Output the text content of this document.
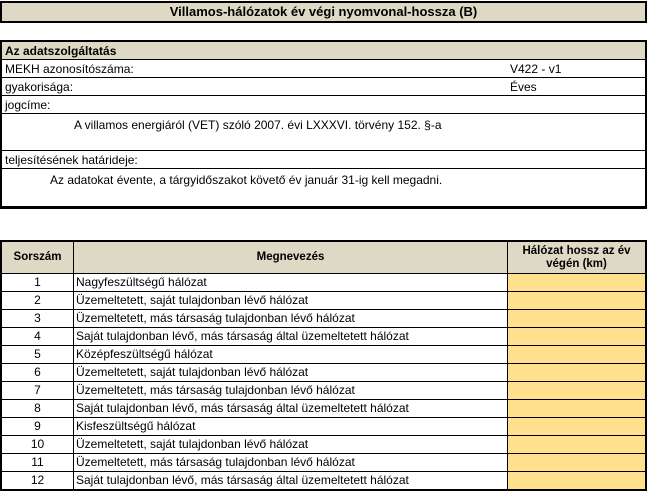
Villamos-hálózatok év végi nyomvonal-hossza (B)
Az adatszolgáltatás
MEKH azonosítószáma:	V422 - v1
gyakorisága:	Éves
jogcíme:
A villamos energiáról (VET) szóló 2007. évi LXXXVI. törvény 152. §-a
teljesítésének határideje:
Az adatokat évente, a tárgyidőszakot követő év január 31-ig kell megadni.
Sorszám	Megnevezés	Hálózat hossz az év végén (km)
1	Nagyfeszültségű hálózat	
2	Üzemeltetett, saját tulajdonban lévő hálózat	
3	Üzemeltetett, más társaság tulajdonban lévő hálózat	
4	Saját tulajdonban lévő, más társaság által üzemeltetett hálózat	
5	Középfeszültségű hálózat	
6	Üzemeltetett, saját tulajdonban lévő hálózat	
7	Üzemeltetett, más társaság tulajdonban lévő hálózat	
8	Saját tulajdonban lévő, más társaság által üzemeltetett hálózat	
9	Kisfeszültségű hálózat	
10	Üzemeltetett, saját tulajdonban lévő hálózat	
11	Üzemeltetett, más társaság tulajdonban lévő hálózat	
12	Saját tulajdonban lévő, más társaság által üzemeltetett hálózat	
